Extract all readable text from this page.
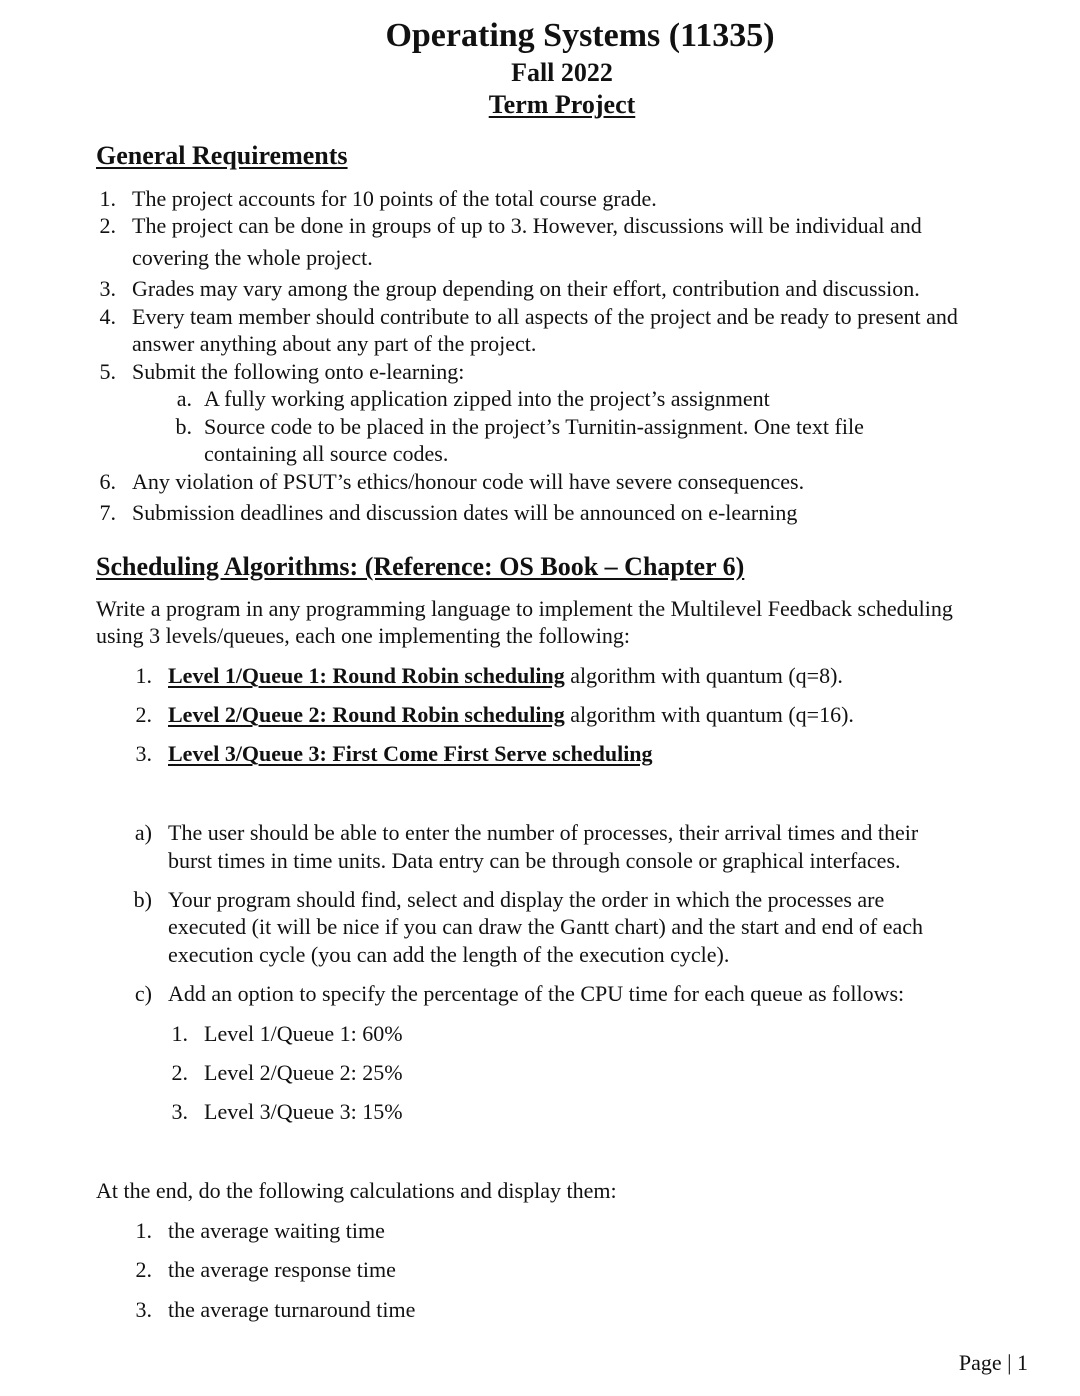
Operating Systems (11335)
Fall 2022
Term Project
General Requirements
1. The project accounts for 10 points of the total course grade.
2. The project can be done in groups of up to 3. However, discussions will be individual and
covering the whole project.
3. Grades may vary among the group depending on their effort, contribution and discussion.
4. Every team member should contribute to all aspects of the project and be ready to present and
answer anything about any part of the project.
5. Submit the following onto e-learning:
a. A fully working application zipped into the project’s assignment
b. Source code to be placed in the project’s Turnitin-assignment. One text file
containing all source codes.
6. Any violation of PSUT’s ethics/honour code will have severe consequences.
7. Submission deadlines and discussion dates will be announced on e-learning
Scheduling Algorithms: (Reference: OS Book – Chapter 6)
Write a program in any programming language to implement the Multilevel Feedback scheduling
using 3 levels/queues, each one implementing the following:
1. Level 1/Queue 1: Round Robin scheduling algorithm with quantum (q=8).
2. Level 2/Queue 2: Round Robin scheduling algorithm with quantum (q=16).
3. Level 3/Queue 3: First Come First Serve scheduling
a) The user should be able to enter the number of processes, their arrival times and their
burst times in time units. Data entry can be through console or graphical interfaces.
b) Your program should find, select and display the order in which the processes are
executed (it will be nice if you can draw the Gantt chart) and the start and end of each
execution cycle (you can add the length of the execution cycle).
c) Add an option to specify the percentage of the CPU time for each queue as follows:
1. Level 1/Queue 1: 60%
2. Level 2/Queue 2: 25%
3. Level 3/Queue 3: 15%
At the end, do the following calculations and display them:
1. the average waiting time
2. the average response time
3. the average turnaround time
Page | 1
